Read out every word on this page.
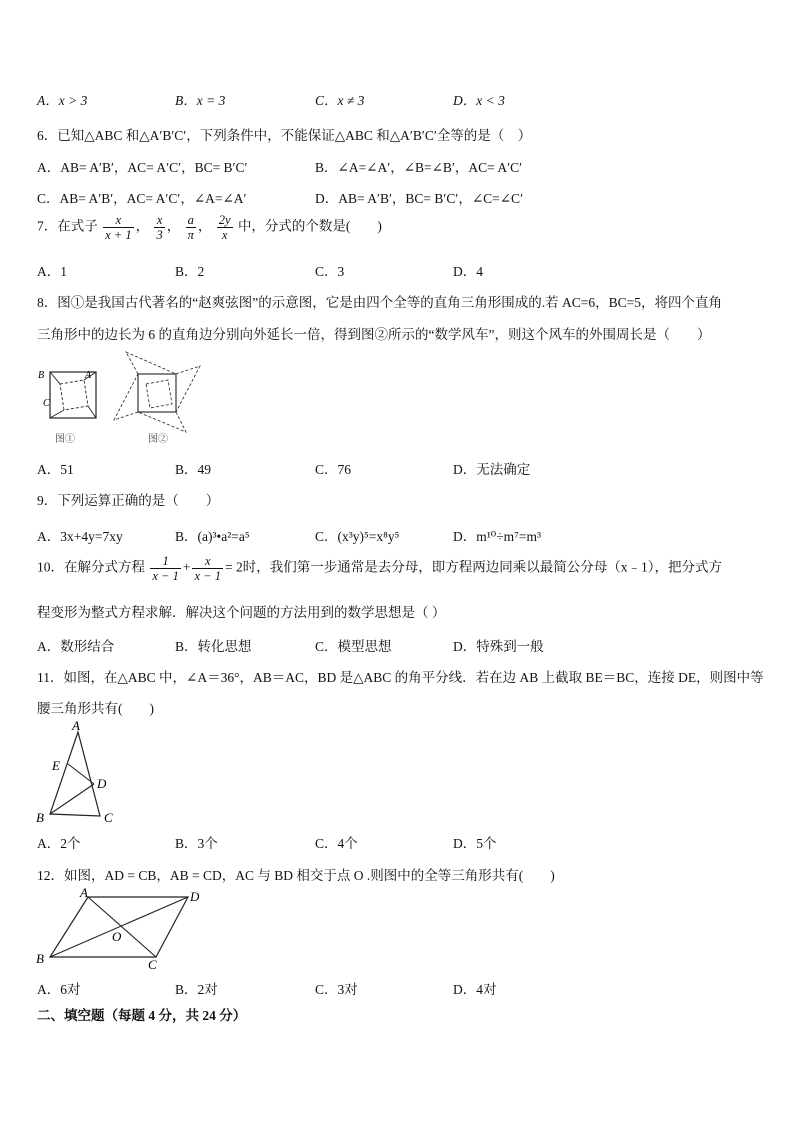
A．x > 3	B．x = 3	C．x ≠ 3	D．x < 3
6．已知△ABC 和△A′B′C′，下列条件中，不能保证△ABC 和△A′B′C′全等的是（　）
A．AB= A′B′，AC= A′C′，BC= B′C′	B．∠A=∠A′，∠B=∠B′，AC= A′C′
C．AB= A′B′，AC= A′C′，∠A=∠A′	D．AB= A′B′，BC= B′C′，∠C=∠C′
7．在式子 $\frac{x}{x + 1}$ ， $\frac{x}{3}$ ， $\frac{a}{\pi}$ ， $\frac{2y}{x}$ 中，分式的个数是(　　)
A．1	B．2	C．3	D．4
8．图①是我国古代著名的“赵爽弦图”的示意图，它是由四个全等的直角三角形围成的.若 AC=6，BC=5，将四个直角
三角形中的边长为 6 的直角边分别向外延长一倍，得到图②所示的“数学风车”，则这个风车的外围周长是（　　）
B	A
C
图①	图②
A．51	B．49	C．76	D．无法确定
9．下列运算正确的是（　　）
A．3x+4y=7xy	B．(a)³•a²=a⁵	C．(x³y)⁵=x⁸y⁵	D．m¹⁰÷m⁷=m³
10．在解分式方程 $\frac{1}{x - 1} + \frac{x}{x - 1} = 2$时，我们第一步通常是去分母，即方程两边同乘以最简公分母（x﹣1），把分式方
程变形为整式方程求解．解决这个问题的方法用到的数学思想是（ ）
A．数形结合	B．转化思想	C．模型思想	D．特殊到一般
11．如图，在△ABC 中，∠A＝36°，AB＝AC，BD 是△ABC 的角平分线．若在边 AB 上截取 BE＝BC，连接 DE，则图中等
腰三角形共有(　　)
A
E
D
B	C
A．2个	B．3个	C．4个	D．5个
12．如图，AD = CB，AB = CD，AC 与 BD 相交于点 O .则图中的全等三角形共有(　　)
A	D
O
B	C
A．6对	B．2对	C．3对	D．4对
二、填空题（每题 4 分，共 24 分）
